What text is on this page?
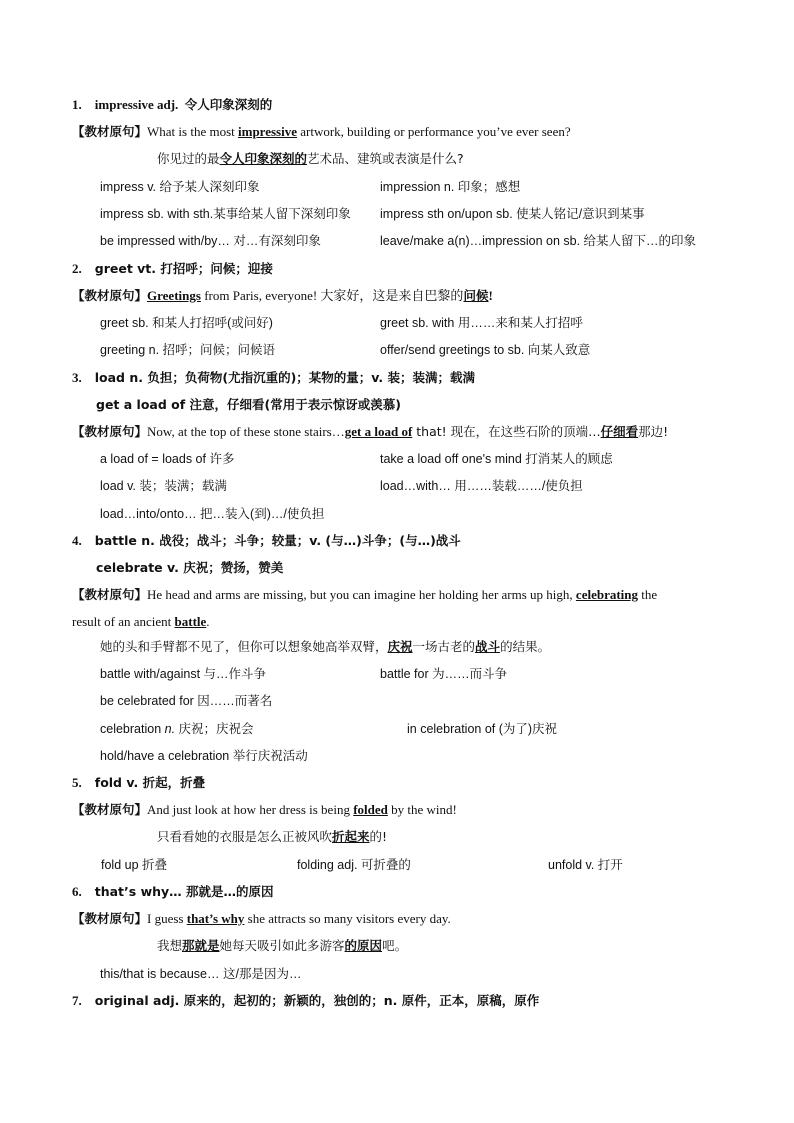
1. impressive adj. 令人印象深刻的
【教材原句】What is the most impressive artwork, building or performance you’ve ever seen?
你见过的最令人印象深刻的艺术品、建筑或表演是什么?
impress v. 给予某人深刻印象	impression n. 印象；感想
impress sb. with sth.某事给某人留下深刻印象 impress sth on/upon sb. 使某人铭记/意识到某事
be impressed with/by… 对…有深刻印象	leave/make a(n)…impression on sb. 给某人留下…的印象
2. greet vt. 打招呼；问候；迎接
【教材原句】Greetings from Paris, everyone! 大家好，这是来自巴黎的问候!
greet sb. 和某人打招呼(或问好)	greet sb. with 用……来和某人打招呼
greeting n. 招呼；问候；问候语	offer/send greetings to sb. 向某人致意
3. load n. 负担；负荷物(尤指沉重的)；某物的量；v. 装；装满；载满
get a load of 注意，仔细看(常用于表示惊讶或羡慕)
【教材原句】Now, at the top of these stone stairs…get a load of that! 现在，在这些石阶的顶端…仔细看那边!
a load of = loads of 许多	take a load off one's mind 打消某人的顾虑
load v. 装；装满；载满	load…with… 用……装载……/使负担
load…into/onto… 把…装入(到)…/使负担
4. battle n. 战役；战斗；斗争；较量；v. (与…)斗争；(与…)战斗
celebrate v. 庆祝；赞扬，赞美
【教材原句】He head and arms are missing, but you can imagine her holding her arms up high, celebrating the
result of an ancient battle.
她的头和手臂都不见了，但你可以想象她高举双臂，庆祝一场古老的战斗的结果。
battle with/against 与…作斗争	battle for 为……而斗争
be celebrated for 因……而著名
celebration n. 庆祝；庆祝会	in celebration of (为了)庆祝
hold/have a celebration 举行庆祝活动
5. fold v. 折起，折叠
【教材原句】And just look at how her dress is being folded by the wind!
只看看她的衣服是怎么正被风吹折起来的!
fold up 折叠	folding adj. 可折叠的	unfold v. 打开
6. that’s why… 那就是…的原因
【教材原句】I guess that’s why she attracts so many visitors every day.
我想那就是她每天吸引如此多游客的原因吧。
this/that is because… 这/那是因为…
7. original adj. 原来的，起初的；新颖的，独创的；n. 原件，正本，原稿，原作
